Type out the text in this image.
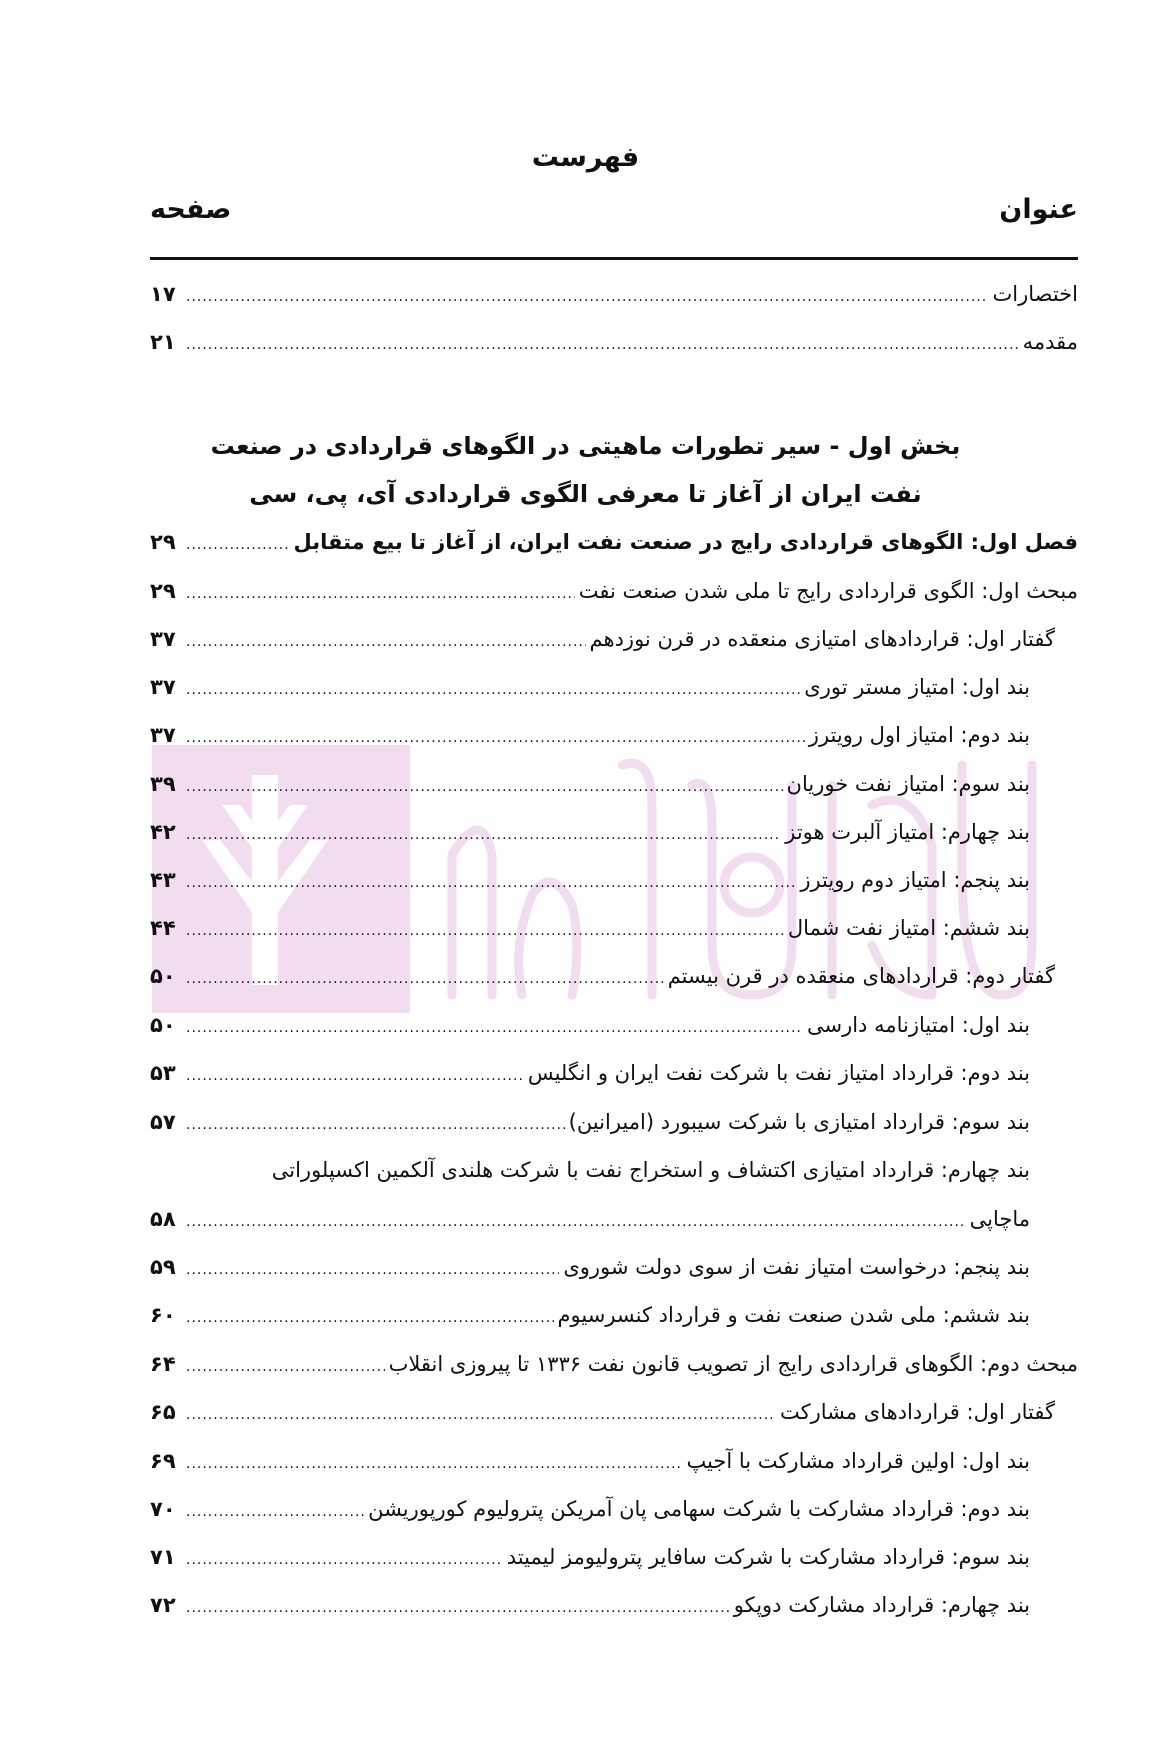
فهرست
عنوان
صفحه
اختصارات
.....
۱۷
مقدمه
.....
۲۱
بخش اول - سیر تطورات ماهیتی در الگوهای قراردادی در صنعت
نفت ایران از آغاز تا معرفی الگوی قراردادی آی، پی، سی
فصل اول: الگوهای قراردادی رایج در صنعت نفت ایران، از آغاز تا بیع متقابل
.....
۲۹
مبحث اول: الگوی قراردادی رایج تا ملی شدن صنعت نفت
.....
۲۹
گفتار اول: قراردادهای امتیازی منعقده در قرن نوزدهم
.....
۳۷
بند اول: امتیاز مستر توری
.....
۳۷
بند دوم: امتیاز اول رویترز
.....
۳۷
بند سوم: امتیاز نفت خوریان
.....
۳۹
بند چهارم: امتیاز آلبرت هوتز
.....
۴۲
بند پنجم: امتیاز دوم رویترز
.....
۴۳
بند ششم: امتیاز نفت شمال
.....
۴۴
گفتار دوم: قراردادهای منعقده در قرن بیستم
.....
۵۰
بند اول: امتیازنامه دارسی
.....
۵۰
بند دوم: قرارداد امتیاز نفت با شرکت نفت ایران و انگلیس
.....
۵۳
بند سوم: قرارداد امتیازی با شرکت سیبورد (امیرانین)
.....
۵۷
بند چهارم: قرارداد امتیازی اکتشاف و استخراج نفت با شرکت هلندی آلکمین اکسپلوراتی
ماچاپی
.....
۵۸
بند پنجم: درخواست امتیاز نفت از سوی دولت شوروی
.....
۵۹
بند ششم: ملی شدن صنعت نفت و قرارداد کنسرسیوم
.....
۶۰
مبحث دوم: الگوهای قراردادی رایج از تصویب قانون نفت ۱۳۳۶ تا پیروزی انقلاب
.....
۶۴
گفتار اول: قراردادهای مشارکت
.....
۶۵
بند اول: اولین قرارداد مشارکت با آجیپ
.....
۶۹
بند دوم: قرارداد مشارکت با شرکت سهامی پان آمریکن پترولیوم کورپوریشن
.....
۷۰
بند سوم: قرارداد مشارکت با شرکت سافایر پترولیومز لیمیتد
.....
۷۱
بند چهارم: قرارداد مشارکت دوپکو
.....
۷۲
